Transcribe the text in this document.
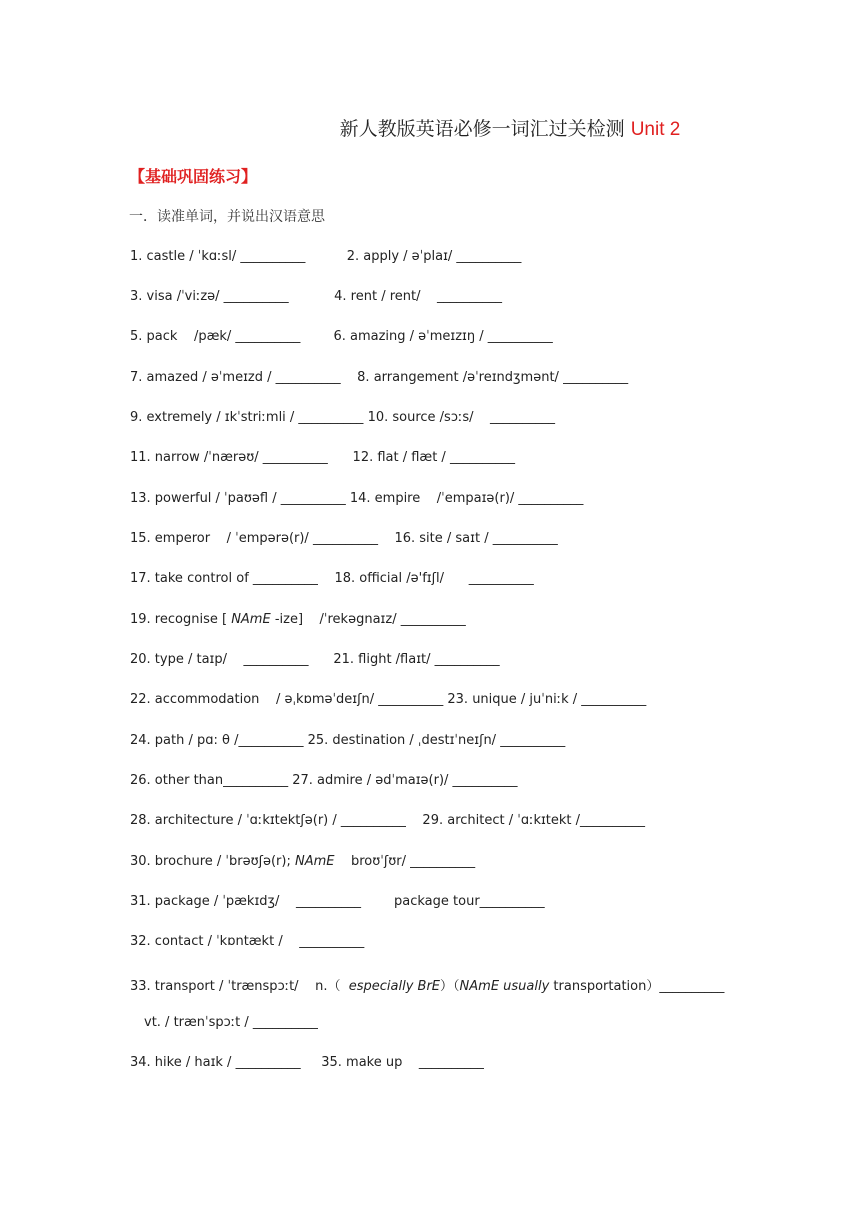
新人教版英语必修一词汇过关检测 Unit 2
【基础巩固练习】
一．读准单词，并说出汉语意思
1. castle / ˈkɑːsl/ __________          2. apply / əˈplaɪ/ __________
3. visa /ˈviːzə/ __________           4. rent / rent/    __________
5. pack    /pæk/ __________        6. amazing / əˈmeɪzɪŋ / __________
7. amazed / əˈmeɪzd / __________    8. arrangement /əˈreɪndʒmənt/ __________
9. extremely / ɪkˈstriːmli / __________ 10. source /sɔːs/    __________
11. narrow /ˈnærəʊ/ __________      12. flat / flæt / __________
13. powerful / ˈpaʊəfl / __________ 14. empire    /ˈempaɪə(r)/ __________
15. emperor    / ˈempərə(r)/ __________    16. site / saɪt / __________
17. take control of __________    18. official /ə'fɪʃl/      __________
19. recognise [ NAmE -ize]    /ˈrekəgnaɪz/ __________
20. type / taɪp/    __________      21. flight /flaɪt/ __________
22. accommodation    / əˌkɒməˈdeɪʃn/ __________ 23. unique / juˈniːk / __________
24. path / pɑ: θ /__________ 25. destination / ˌdestɪˈneɪʃn/ __________
26. other than__________ 27. admire / ədˈmaɪə(r)/ __________
28. architecture / ˈɑːkɪtektʃə(r) / __________    29. architect / ˈɑːkɪtekt /__________
30. brochure / ˈbrəʊʃə(r); NAmE    broʊˈʃʊr/ __________
31. package / ˈpækɪdʒ/    __________        package tour__________
32. contact / ˈkɒntækt /    __________
33. transport / ˈtrænspɔːt/    n.（  especially BrE）（NAmE usually transportation）__________
vt. / trænˈspɔːt / __________
34. hike / haɪk / __________     35. make up    __________
